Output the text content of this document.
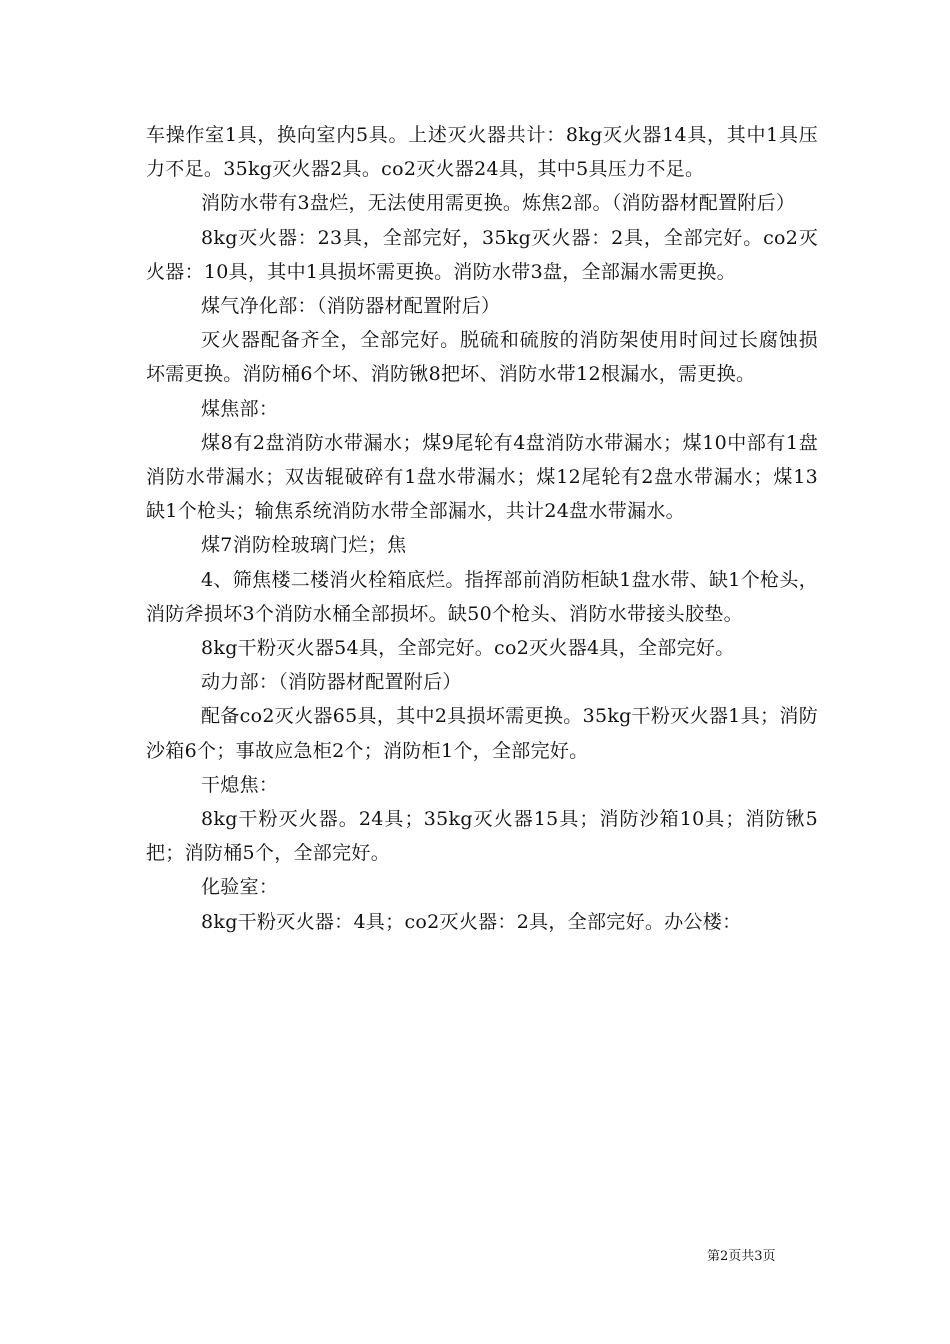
车操作室1具，换向室内5具。上述灭火器共计：8kg灭火器14具，其中1具压力不足。35kg灭火器2具。co2灭火器24具，其中5具压力不足。

消防水带有3盘烂，无法使用需更换。炼焦2部。（消防器材配置附后）

8kg灭火器：23具，全部完好，35kg灭火器：2具，全部完好。co2灭火器：10具，其中1具损坏需更换。消防水带3盘，全部漏水需更换。

煤气净化部：（消防器材配置附后）

灭火器配备齐全，全部完好。脱硫和硫胺的消防架使用时间过长腐蚀损坏需更换。消防桶6个坏、消防锹8把坏、消防水带12根漏水，需更换。

煤焦部：

煤8有2盘消防水带漏水；煤9尾轮有4盘消防水带漏水；煤10中部有1盘消防水带漏水；双齿辊破碎有1盘水带漏水；煤12尾轮有2盘水带漏水；煤13缺1个枪头；输焦系统消防水带全部漏水，共计24盘水带漏水。

煤7消防栓玻璃门烂；焦

4、筛焦楼二楼消火栓箱底烂。指挥部前消防柜缺1盘水带、缺1个枪头，消防斧损坏3个消防水桶全部损坏。缺50个枪头、消防水带接头胶垫。

8kg干粉灭火器54具，全部完好。co2灭火器4具，全部完好。

动力部：（消防器材配置附后）

配备co2灭火器65具，其中2具损坏需更换。35kg干粉灭火器1具；消防沙箱6个；事故应急柜2个；消防柜1个，全部完好。

干熄焦：

8kg干粉灭火器。24具；35kg灭火器15具；消防沙箱10具；消防锹5把；消防桶5个，全部完好。

化验室：

8kg干粉灭火器：4具；co2灭火器：2具，全部完好。办公楼：

第2页共3页
